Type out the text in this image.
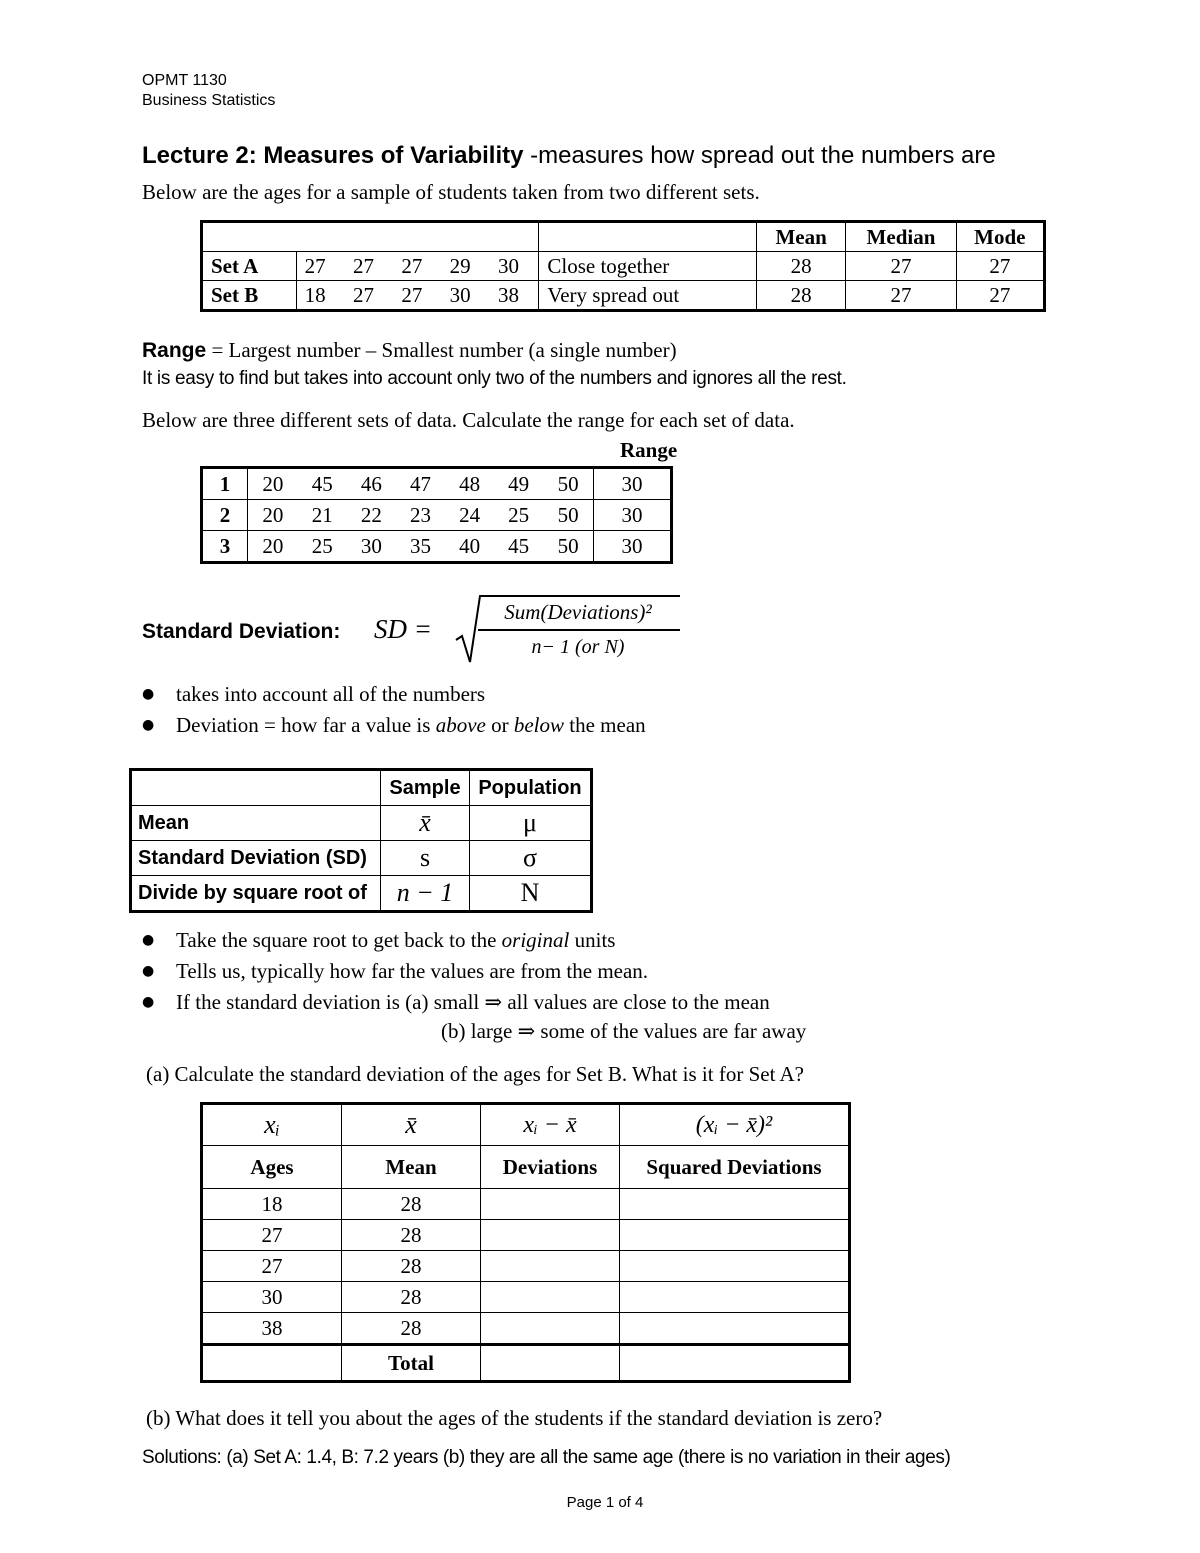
OPMT 1130
Business Statistics
Lecture 2: Measures of Variability -measures how spread out the numbers are
Below are the ages for a sample of students taken from two different sets.
							Mean	Median	Mode
Set A	27	27	27	29	30	Close together	28	27	27
Set B	18	27	27	30	38	Very spread out	28	27	27
Range = Largest number – Smallest number (a single number)
It is easy to find but takes into account only two of the numbers and ignores all the rest.
Below are three different sets of data. Calculate the range for each set of data.
Range
1	20	45	46	47	48	49	50	30
2	20	21	22	23	24	25	50	30
3	20	25	30	35	40	45	50	30
Standard Deviation: SD =
Sum(Deviations)²
n− 1 (or N)
● takes into account all of the numbers
● Deviation = how far a value is above or below the mean
	Sample	Population
Mean	x̄	μ
Standard Deviation (SD)	s	σ
Divide by square root of	n − 1	N
● Take the square root to get back to the original units
● Tells us, typically how far the values are from the mean.
● If the standard deviation is (a) small ⇒ all values are close to the mean
(b) large ⇒ some of the values are far away
(a) Calculate the standard deviation of the ages for Set B. What is it for Set A?
xᵢ	x̄	xᵢ − x̄	(xᵢ − x̄)²
Ages	Mean	Deviations	Squared Deviations
18	28		
27	28		
27	28		
30	28		
38	28		
	Total		
(b) What does it tell you about the ages of the students if the standard deviation is zero?
Solutions: (a) Set A: 1.4, B: 7.2 years (b) they are all the same age (there is no variation in their ages)
Page 1 of 4
